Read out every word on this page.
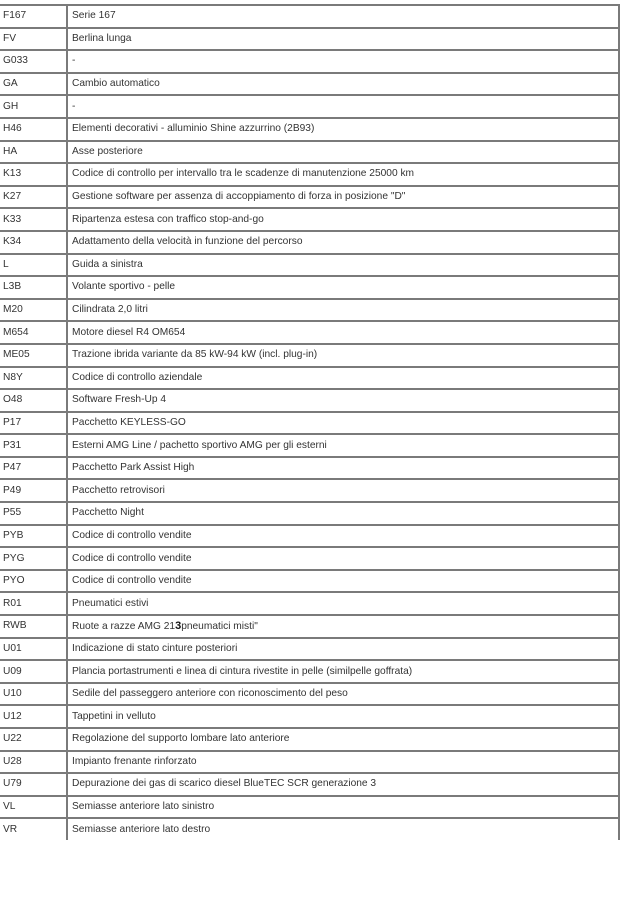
F167	Serie 167
FV	Berlina lunga
G033	-
GA	Cambio automatico
GH	-
H46	Elementi decorativi - alluminio Shine azzurrino (2B93)
HA	Asse posteriore
K13	Codice di controllo per intervallo tra le scadenze di manutenzione 25000 km
K27	Gestione software per assenza di accoppiamento di forza in posizione "D"
K33	Ripartenza estesa con traffico stop-and-go
K34	Adattamento della velocità in funzione del percorso
L	Guida a sinistra
L3B	Volante sportivo - pelle
M20	Cilindrata 2,0 litri
M654	Motore diesel R4 OM654
ME05	Trazione ibrida variante da 85 kW-94 kW (incl. plug-in)
N8Y	Codice di controllo aziendale
O48	Software Fresh-Up 4
P17	Pacchetto KEYLESS-GO
P31	Esterni AMG Line / pachetto sportivo AMG per gli esterni
P47	Pacchetto Park Assist High
P49	Pacchetto retrovisori
P55	Pacchetto Night
PYB	Codice di controllo vendite
PYG	Codice di controllo vendite
PYO	Codice di controllo vendite
R01	Pneumatici estivi
RWB	Ruote a razze AMG 213pneumatici misti"
U01	Indicazione di stato cinture posteriori
U09	Plancia portastrumenti e linea di cintura rivestite in pelle (similpelle goffrata)
U10	Sedile del passeggero anteriore con riconoscimento del peso
U12	Tappetini in velluto
U22	Regolazione del supporto lombare lato anteriore
U28	Impianto frenante rinforzato
U79	Depurazione dei gas di scarico diesel BlueTEC SCR generazione 3
VL	Semiasse anteriore lato sinistro
VR	Semiasse anteriore lato destro
